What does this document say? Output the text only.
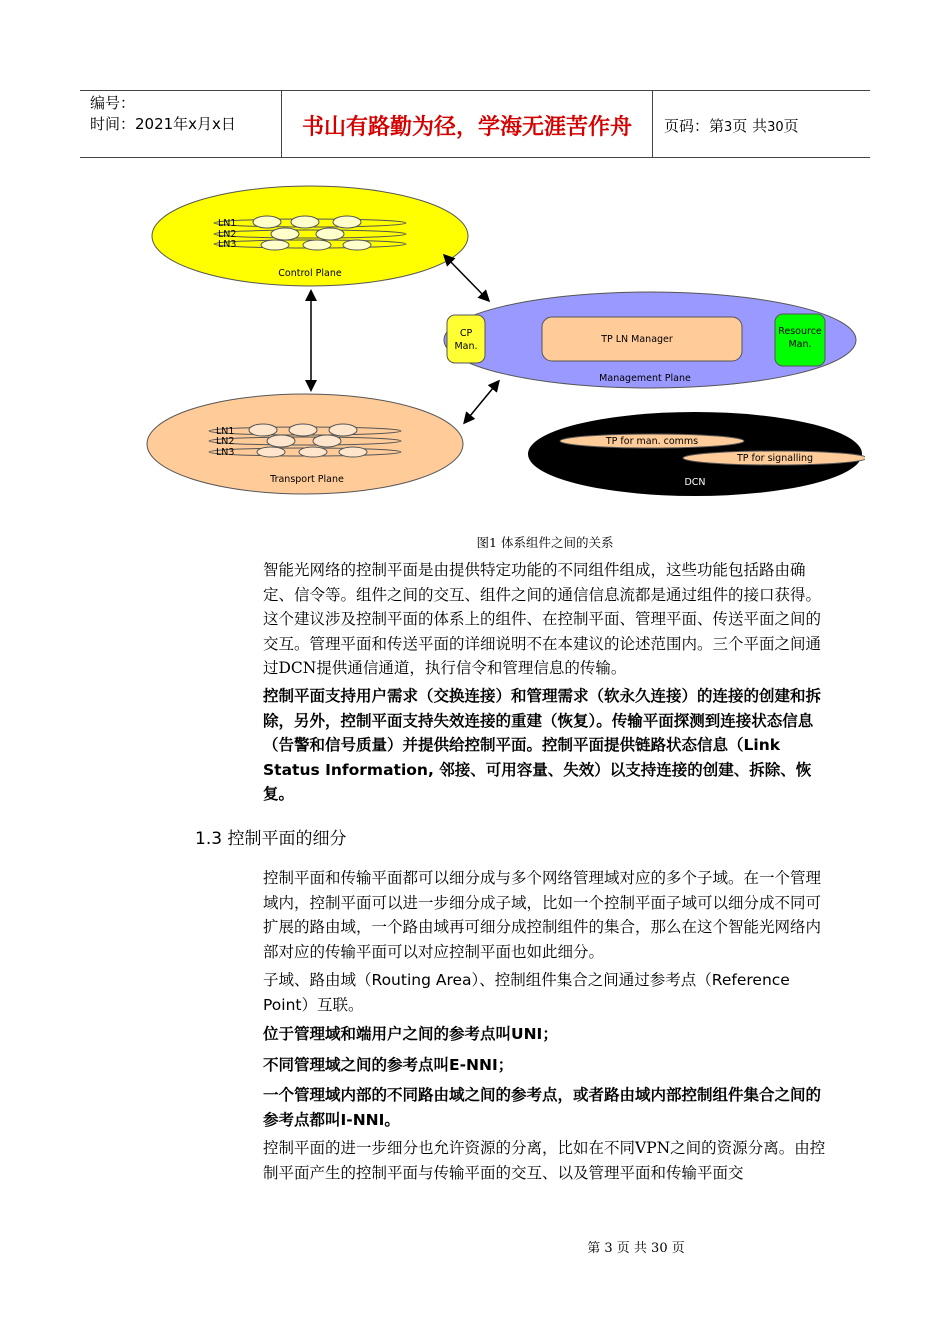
编号：
时间：2021年x月x日	书山有路勤为径，学海无涯苦作舟	页码：第3页 共30页
LN1
LN2
LN3
Control Plane
CP
Man.
TP LN Manager
Resource
Man.
Management Plane
LN1
LN2
LN3
Transport Plane
TP for man. comms
TP for signalling
DCN
图1 体系组件之间的关系

智能光网络的控制平面是由提供特定功能的不同组件组成，这些功能包括路由确定、信令等。组件之间的交互、组件之间的通信信息流都是通过组件的接口获得。这个建议涉及控制平面的体系上的组件、在控制平面、管理平面、传送平面之间的交互。管理平面和传送平面的详细说明不在本建议的论述范围内。三个平面之间通过DCN提供通信通道，执行信令和管理信息的传输。

控制平面支持用户需求（交换连接）和管理需求（软永久连接）的连接的创建和拆除，另外，控制平面支持失效连接的重建（恢复）。传输平面探测到连接状态信息（告警和信号质量）并提供给控制平面。控制平面提供链路状态信息（Link Status Information, 邻接、可用容量、失效）以支持连接的创建、拆除、恢复。

1.3 控制平面的细分

控制平面和传输平面都可以细分成与多个网络管理域对应的多个子域。在一个管理域内，控制平面可以进一步细分成子域，比如一个控制平面子域可以细分成不同可扩展的路由域，一个路由域再可细分成控制组件的集合，那么在这个智能光网络内部对应的传输平面可以对应控制平面也如此细分。

子域、路由域（Routing Area）、控制组件集合之间通过参考点（Reference Point）互联。

位于管理域和端用户之间的参考点叫UNI；

不同管理域之间的参考点叫E-NNI；

一个管理域内部的不同路由域之间的参考点，或者路由域内部控制组件集合之间的参考点都叫I-NNI。

控制平面的进一步细分也允许资源的分离，比如在不同VPN之间的资源分离。由控制平面产生的控制平面与传输平面的交互、以及管理平面和传输平面交

第 3 页 共 30 页
